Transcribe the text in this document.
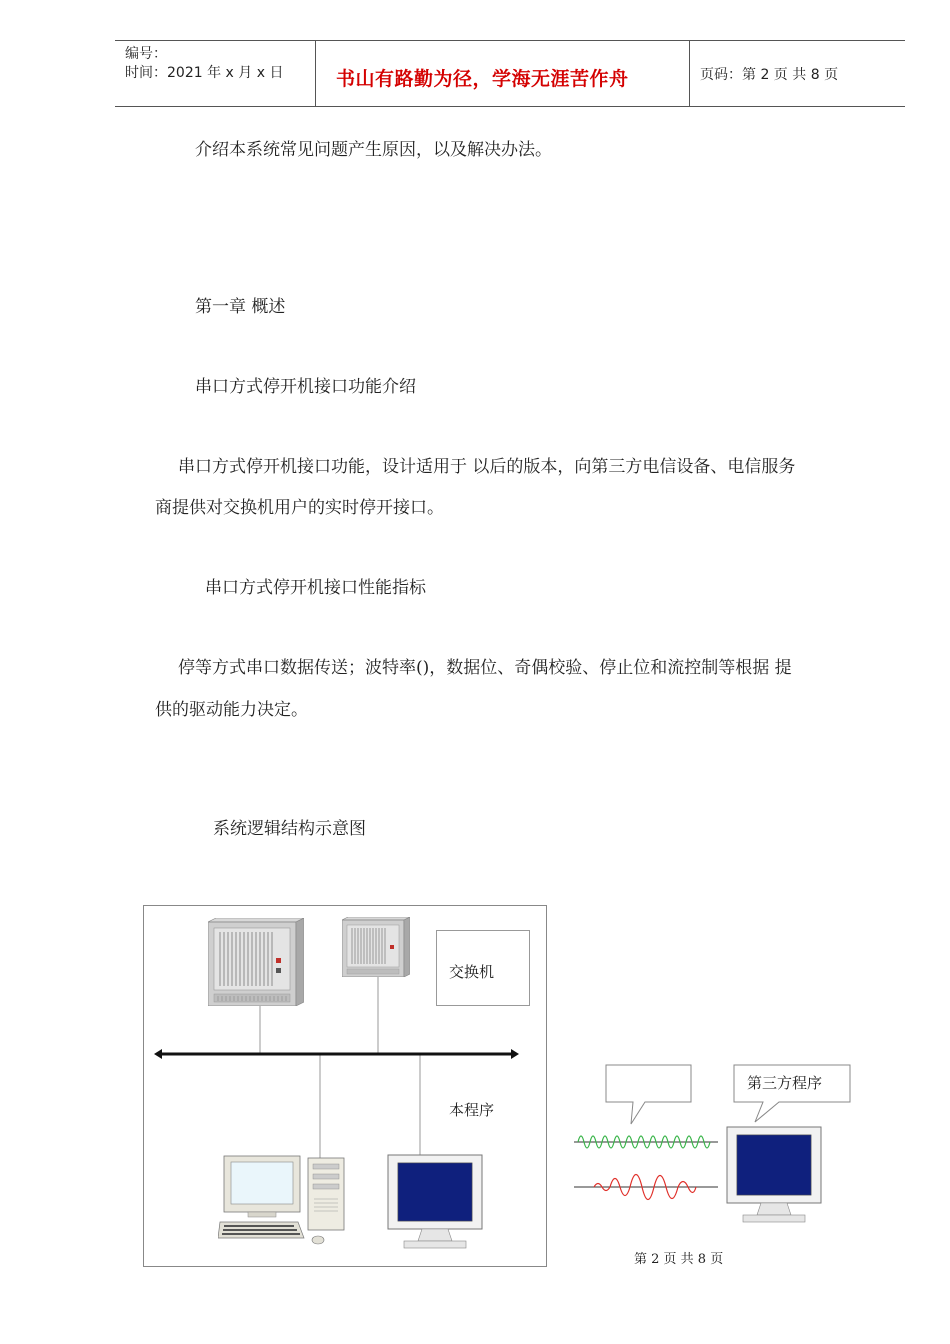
编号：
时间：2021 年 x 月 x 日	书山有路勤为径，学海无涯苦作舟	页码：第 2 页 共 8 页
介绍本系统常见问题产生原因，以及解决办法。
第一章 概述
串口方式停开机接口功能介绍
串口方式停开机接口功能，设计适用于 以后的版本，向第三方电信设备、电信服务
商提供对交换机用户的实时停开接口。
串口方式停开机接口性能指标
停等方式串口数据传送；波特率()，数据位、奇偶校验、停止位和流控制等根据 提
供的驱动能力决定。
系统逻辑结构示意图
交换机
本程序
第三方程序
第 2 页 共 8 页
